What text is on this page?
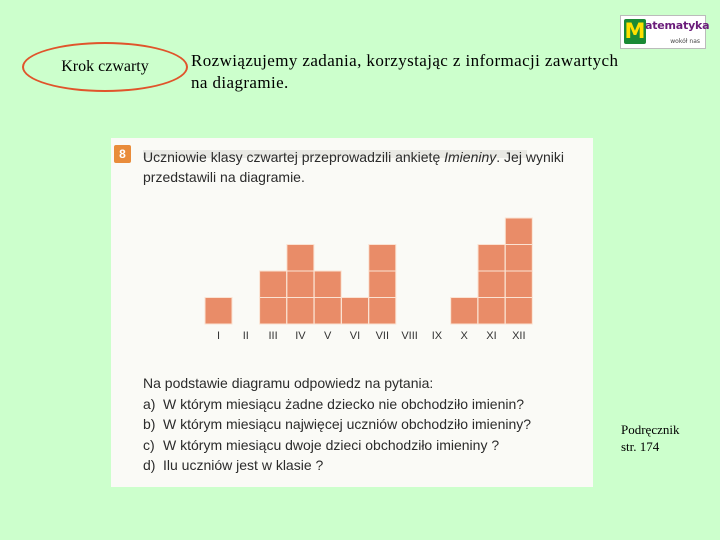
Krok czwarty	Rozwiązujemy zadania, korzystając z informacji zawartych na diagramie.
M atematyka
wokół nas
8	Uczniowie klasy czwartej przeprowadzili ankietę Imieniny. Jej wyniki przedstawili na diagramie.
I II III IV V VI VII VIII IX X XI XII
Na podstawie diagramu odpowiedz na pytania:
a) W którym miesiącu żadne dziecko nie obchodziło imienin?
b) W którym miesiącu najwięcej uczniów obchodziło imieniny?
c) W którym miesiącu dwoje dzieci obchodziło imieniny ?
d) Ilu uczniów jest w klasie ?
Podręcznik
str. 174
